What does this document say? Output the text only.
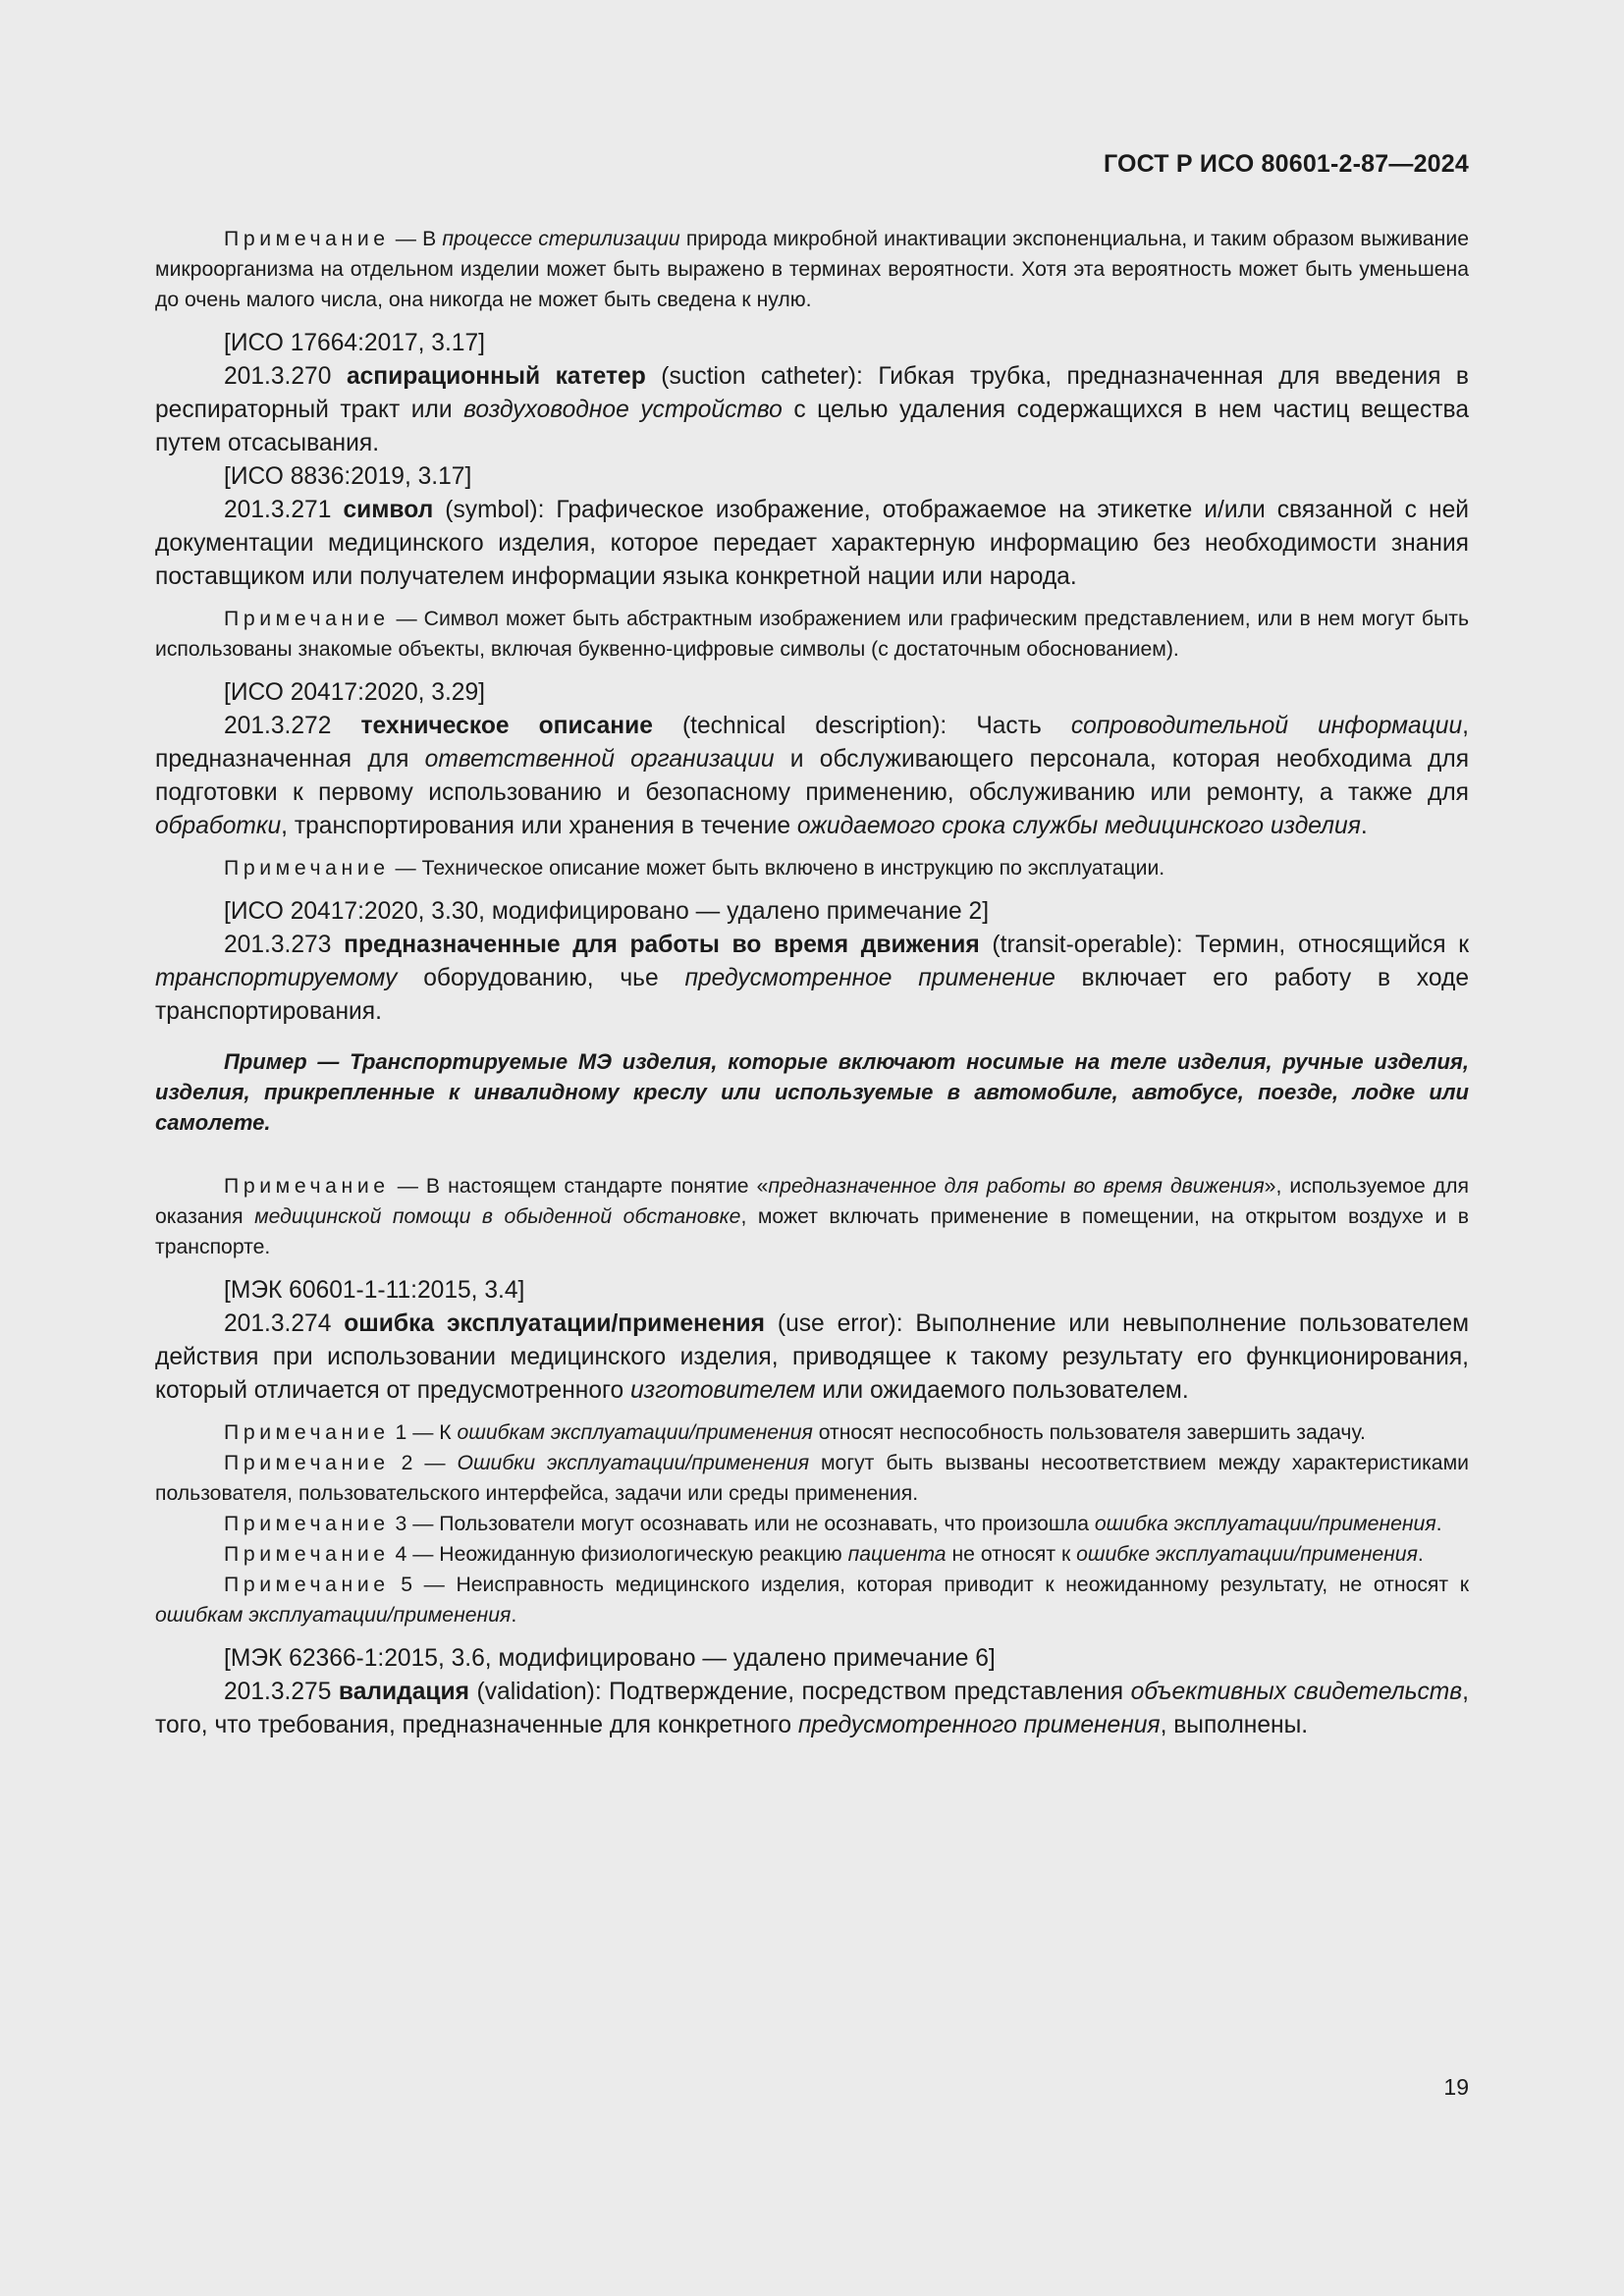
ГОСТ Р ИСО 80601-2-87—2024

Примечание — В процессе стерилизации природа микробной инактивации экспоненциальна, и таким образом выживание микроорганизма на отдельном изделии может быть выражено в терминах вероятности. Хотя эта вероятность может быть уменьшена до очень малого числа, она никогда не может быть сведена к нулю.

[ИСО 17664:2017, 3.17]

201.3.270 аспирационный катетер (suction catheter): Гибкая трубка, предназначенная для введения в респираторный тракт или воздуховодное устройство с целью удаления содержащихся в нем частиц вещества путем отсасывания.

[ИСО 8836:2019, 3.17]

201.3.271 символ (symbol): Графическое изображение, отображаемое на этикетке и/или связанной с ней документации медицинского изделия, которое передает характерную информацию без необходимости знания поставщиком или получателем информации языка конкретной нации или народа.

Примечание — Символ может быть абстрактным изображением или графическим представлением, или в нем могут быть использованы знакомые объекты, включая буквенно-цифровые символы (с достаточным обоснованием).

[ИСО 20417:2020, 3.29]

201.3.272 техническое описание (technical description): Часть сопроводительной информации, предназначенная для ответственной организации и обслуживающего персонала, которая необходима для подготовки к первому использованию и безопасному применению, обслуживанию или ремонту, а также для обработки, транспортирования или хранения в течение ожидаемого срока службы медицинского изделия.

Примечание — Техническое описание может быть включено в инструкцию по эксплуатации.

[ИСО 20417:2020, 3.30, модифицировано — удалено примечание 2]

201.3.273 предназначенные для работы во время движения (transit-operable): Термин, относящийся к транспортируемому оборудованию, чье предусмотренное применение включает его работу в ходе транспортирования.

Пример — Транспортируемые МЭ изделия, которые включают носимые на теле изделия, ручные изделия, изделия, прикрепленные к инвалидному креслу или используемые в автомобиле, автобусе, поезде, лодке или самолете.

Примечание — В настоящем стандарте понятие «предназначенное для работы во время движения», используемое для оказания медицинской помощи в обыденной обстановке, может включать применение в помещении, на открытом воздухе и в транспорте.

[МЭК 60601-1-11:2015, 3.4]

201.3.274 ошибка эксплуатации/применения (use error): Выполнение или невыполнение пользователем действия при использовании медицинского изделия, приводящее к такому результату его функционирования, который отличается от предусмотренного изготовителем или ожидаемого пользователем.

Примечание 1 — К ошибкам эксплуатации/применения относят неспособность пользователя завершить задачу.

Примечание 2 — Ошибки эксплуатации/применения могут быть вызваны несоответствием между характеристиками пользователя, пользовательского интерфейса, задачи или среды применения.

Примечание 3 — Пользователи могут осознавать или не осознавать, что произошла ошибка эксплуатации/применения.

Примечание 4 — Неожиданную физиологическую реакцию пациента не относят к ошибке эксплуатации/применения.

Примечание 5 — Неисправность медицинского изделия, которая приводит к неожиданному результату, не относят к ошибкам эксплуатации/применения.

[МЭК 62366-1:2015, 3.6, модифицировано — удалено примечание 6]

201.3.275 валидация (validation): Подтверждение, посредством представления объективных свидетельств, того, что требования, предназначенные для конкретного предусмотренного применения, выполнены.

19
